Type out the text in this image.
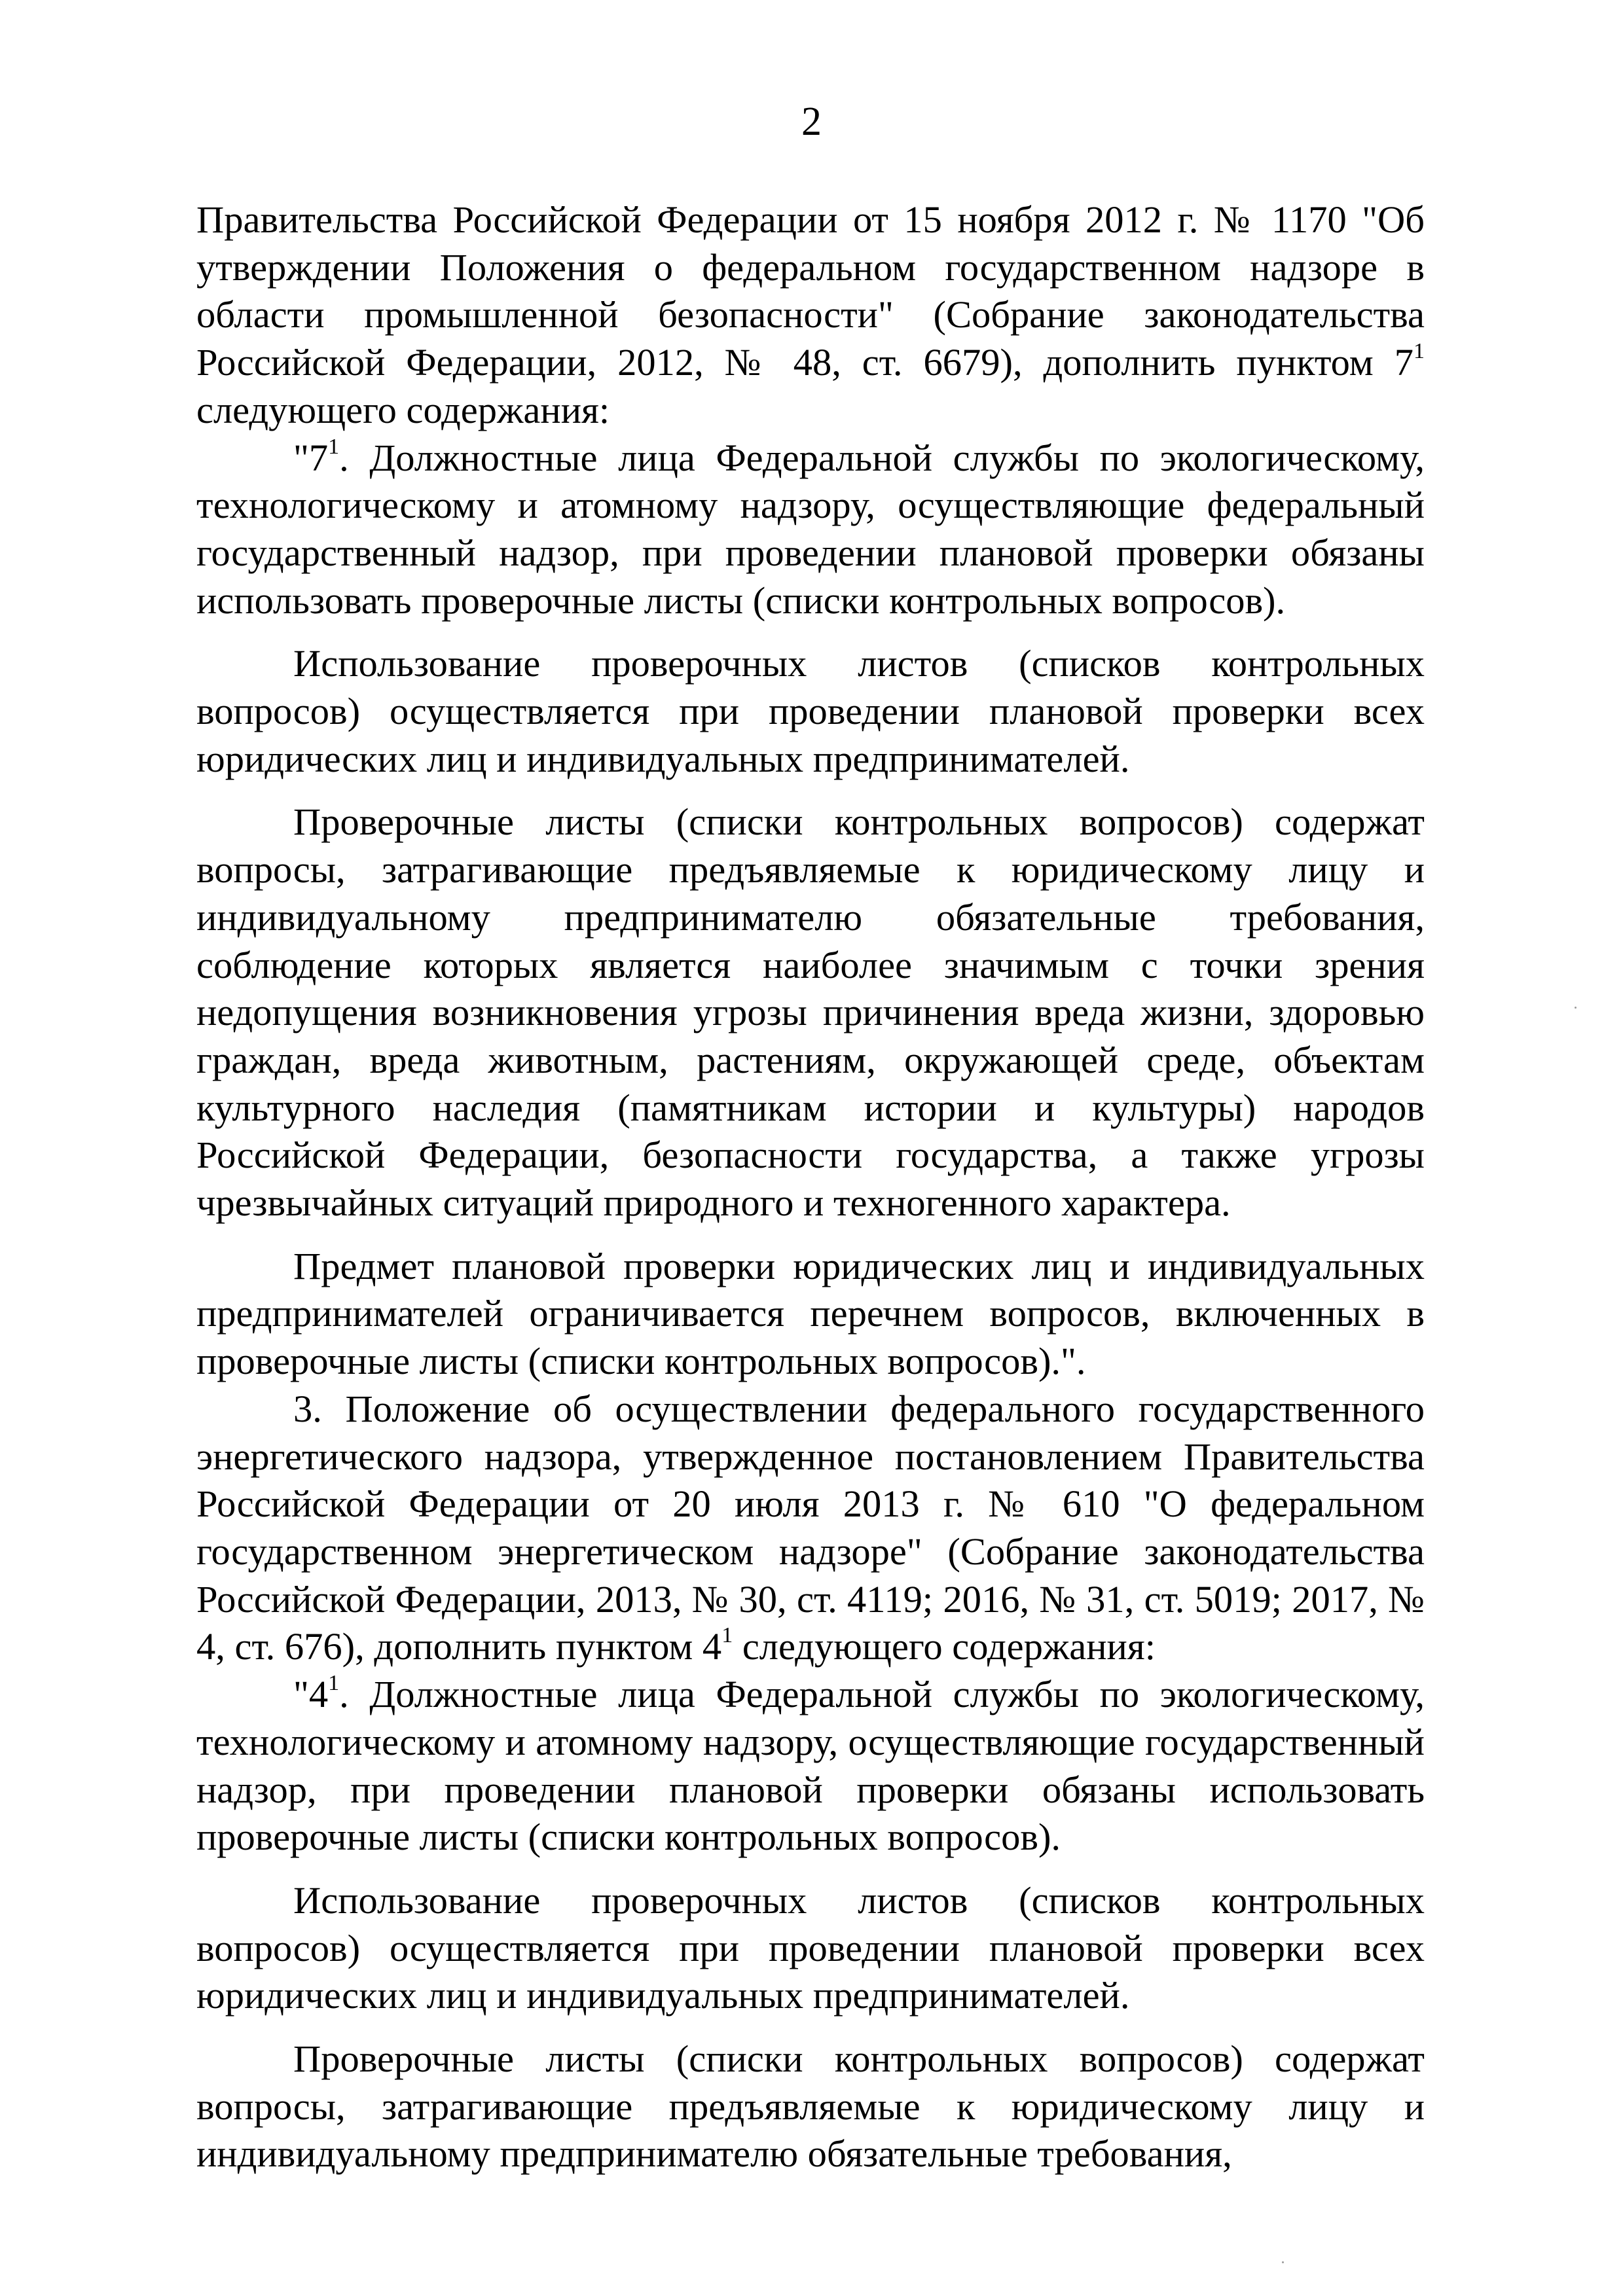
2

Правительства Российской Федерации от 15 ноября 2012 г. № 1170 "Об утверждении Положения о федеральном государственном надзоре в области промышленной безопасности" (Собрание законодательства Российской Федерации, 2012, № 48, ст. 6679), дополнить пунктом $7^1$ следующего содержания:

"$7^1$. Должностные лица Федеральной службы по экологическому, технологическому и атомному надзору, осуществляющие федеральный государственный надзор, при проведении плановой проверки обязаны использовать проверочные листы (списки контрольных вопросов).

Использование проверочных листов (списков контрольных вопросов) осуществляется при проведении плановой проверки всех юридических лиц и индивидуальных предпринимателей.

Проверочные листы (списки контрольных вопросов) содержат вопросы, затрагивающие предъявляемые к юридическому лицу и индивидуальному предпринимателю обязательные требования, соблюдение которых является наиболее значимым с точки зрения недопущения возникновения угрозы причинения вреда жизни, здоровью граждан, вреда животным, растениям, окружающей среде, объектам культурного наследия (памятникам истории и культуры) народов Российской Федерации, безопасности государства, а также угрозы чрезвычайных ситуаций природного и техногенного характера.

Предмет плановой проверки юридических лиц и индивидуальных предпринимателей ограничивается перечнем вопросов, включенных в проверочные листы (списки контрольных вопросов).".

3. Положение об осуществлении федерального государственного энергетического надзора, утвержденное постановлением Правительства Российской Федерации от 20 июля 2013 г. № 610 "О федеральном государственном энергетическом надзоре" (Собрание законодательства Российской Федерации, 2013, № 30, ст. 4119; 2016, № 31, ст. 5019; 2017, № 4, ст. 676), дополнить пунктом $4^1$ следующего содержания:

"$4^1$. Должностные лица Федеральной службы по экологическому, технологическому и атомному надзору, осуществляющие государственный надзор, при проведении плановой проверки обязаны использовать проверочные листы (списки контрольных вопросов).

Использование проверочных листов (списков контрольных вопросов) осуществляется при проведении плановой проверки всех юридических лиц и индивидуальных предпринимателей.

Проверочные листы (списки контрольных вопросов) содержат вопросы, затрагивающие предъявляемые к юридическому лицу и индивидуальному предпринимателю обязательные требования,
